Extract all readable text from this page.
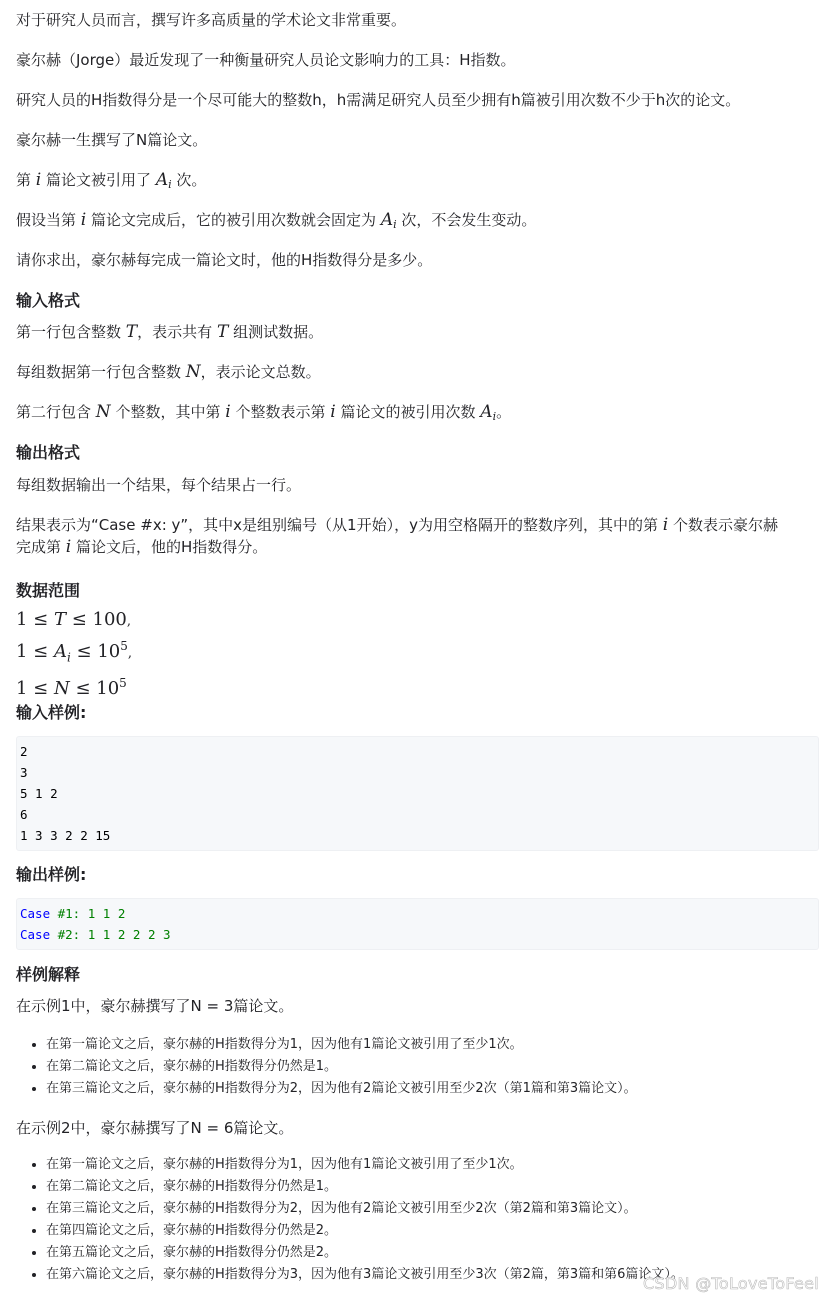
对于研究人员而言，撰写许多高质量的学术论文非常重要。

豪尔赫（Jorge）最近发现了一种衡量研究人员论文影响力的工具：H指数。

研究人员的H指数得分是一个尽可能大的整数h，h需满足研究人员至少拥有h篇被引用次数不少于h次的论文。

豪尔赫一生撰写了N篇论文。

第 i 篇论文被引用了 $A_i$ 次。

假设当第 i 篇论文完成后，它的被引用次数就会固定为 $A_i$ 次，不会发生变动。

请你求出，豪尔赫每完成一篇论文时，他的H指数得分是多少。

输入格式

第一行包含整数 T，表示共有 T 组测试数据。

每组数据第一行包含整数 N，表示论文总数。

第二行包含 N 个整数，其中第 i 个整数表示第 i 篇论文的被引用次数 $A_i$。

输出格式

每组数据输出一个结果，每个结果占一行。

结果表示为“Case #x: y”，其中x是组别编号（从1开始），y为用空格隔开的整数序列，其中的第 i 个数表示豪尔赫
完成第 i 篇论文后，他的H指数得分。

数据范围

1 ≤ T ≤ 100,

$1 \le A_i \le 10^5$,

$1 \le N \le 10^5$

输入样例:
2
3
5 1 2
6
1 3 3 2 2 15
输出样例:
Case #1: 1 1 2
Case #2: 1 1 2 2 2 3
样例解释

在示例1中，豪尔赫撰写了N = 3篇论文。

• 在第一篇论文之后，豪尔赫的H指数得分为1，因为他有1篇论文被引用了至少1次。
• 在第二篇论文之后，豪尔赫的H指数得分仍然是1。
• 在第三篇论文之后，豪尔赫的H指数得分为2，因为他有2篇论文被引用至少2次（第1篇和第3篇论文）。

在示例2中，豪尔赫撰写了N = 6篇论文。

• 在第一篇论文之后，豪尔赫的H指数得分为1，因为他有1篇论文被引用了至少1次。
• 在第二篇论文之后，豪尔赫的H指数得分仍然是1。
• 在第三篇论文之后，豪尔赫的H指数得分为2，因为他有2篇论文被引用至少2次（第2篇和第3篇论文）。
• 在第四篇论文之后，豪尔赫的H指数得分仍然是2。
• 在第五篇论文之后，豪尔赫的H指数得分仍然是2。
• 在第六篇论文之后，豪尔赫的H指数得分为3，因为他有3篇论文被引用至少3次（第2篇，第3篇和第6篇论文）。
CSDN @ToLoveToFeel
